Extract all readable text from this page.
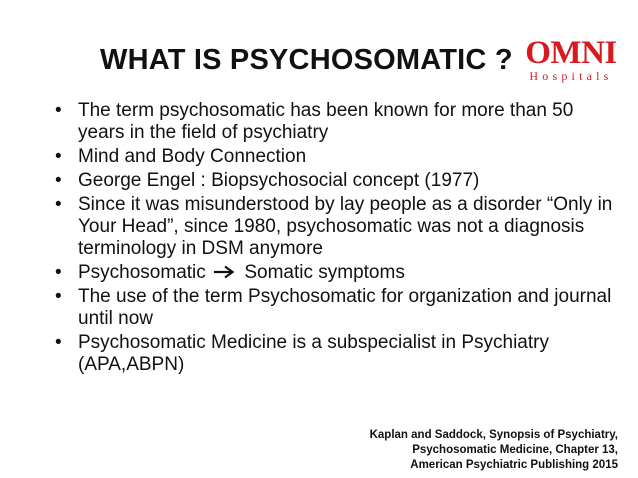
WHAT IS PSYCHOSOMATIC ? OMNI
Hospitals
• The term psychosomatic has been known for more than 50 years in the field of psychiatry
• Mind and Body Connection
• George Engel : Biopsychosocial concept (1977)
• Since it was misunderstood by lay people as a disorder “Only in Your Head”, since 1980, psychosomatic was not a diagnosis terminology in DSM anymore
• Psychosomatic Somatic symptoms
• The use of the term Psychosomatic for organization and journal until now
• Psychosomatic Medicine is a subspecialist in Psychiatry (APA,ABPN)
Kaplan and Saddock, Synopsis of Psychiatry,
Psychosomatic Medicine, Chapter 13,
American Psychiatric Publishing 2015
